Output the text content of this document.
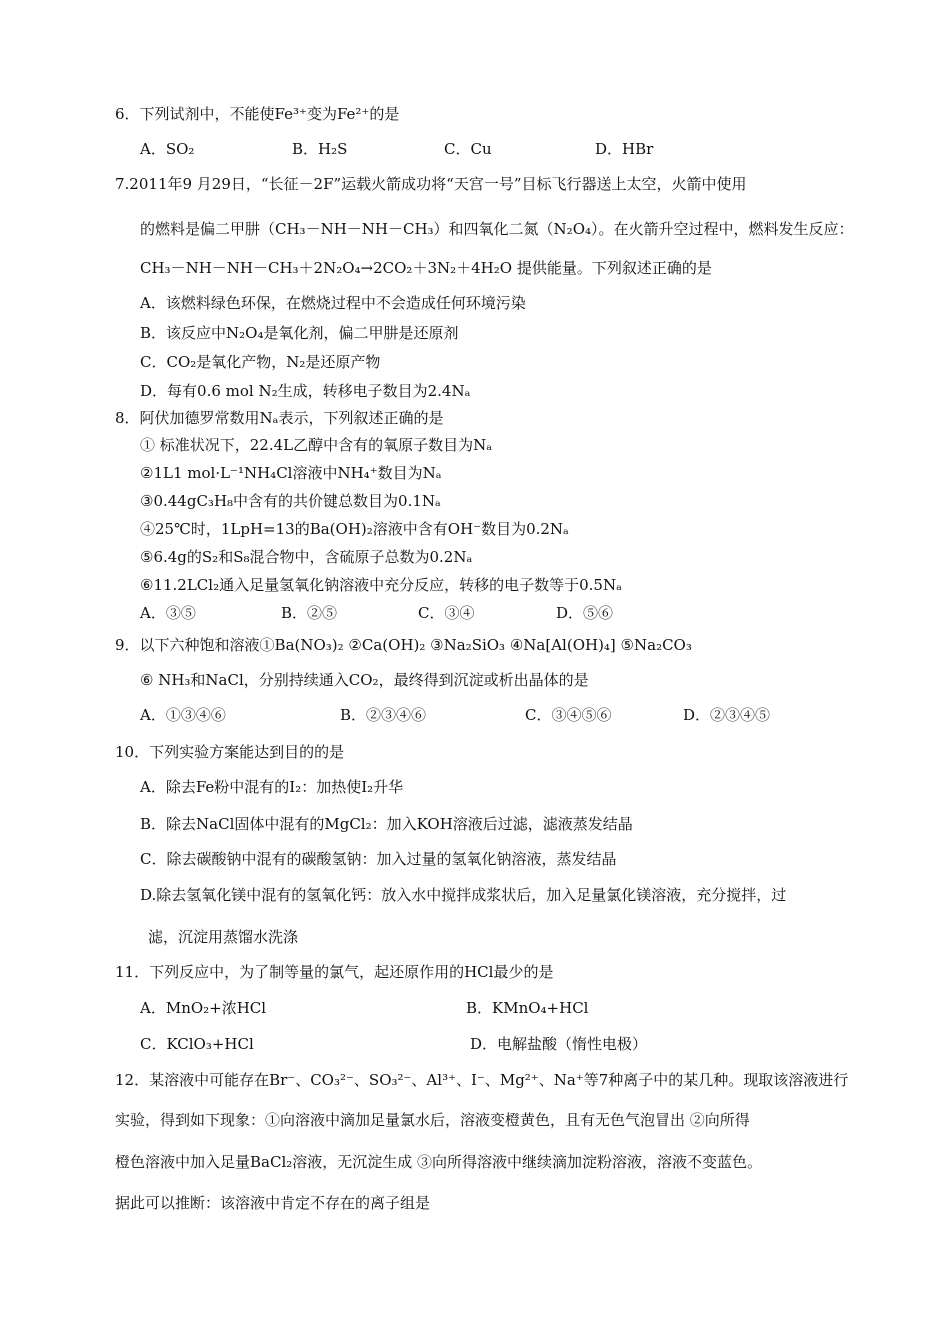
6．下列试剂中，不能使Fe³⁺变为Fe²⁺的是
A．SO₂	B．H₂S	C．Cu	D．HBr
7.2011年9 月29日，“长征－2F”运载火箭成功将“天宫一号”目标飞行器送上太空，火箭中使用
的燃料是偏二甲肼（CH₃－NH－NH－CH₃）和四氧化二氮（N₂O₄）。在火箭升空过程中，燃料发生反应：
CH₃－NH－NH－CH₃＋2N₂O₄→2CO₂＋3N₂＋4H₂O 提供能量。下列叙述正确的是
A．该燃料绿色环保，在燃烧过程中不会造成任何环境污染
B．该反应中N₂O₄是氧化剂，偏二甲肼是还原剂
C．CO₂是氧化产物，N₂是还原产物
D．每有0.6 mol N₂生成，转移电子数目为2.4Nₐ
8．阿伏加德罗常数用Nₐ表示，下列叙述正确的是
① 标准状况下，22.4L乙醇中含有的氧原子数目为Nₐ
②1L1 mol·L⁻¹NH₄Cl溶液中NH₄⁺数目为Nₐ
③0.44gC₃H₈中含有的共价键总数目为0.1Nₐ
④25℃时，1LpH=13的Ba(OH)₂溶液中含有OH⁻数目为0.2Nₐ
⑤6.4g的S₂和S₈混合物中，含硫原子总数为0.2Nₐ
⑥11.2LCl₂通入足量氢氧化钠溶液中充分反应，转移的电子数等于0.5Nₐ
A．③⑤	B．②⑤	C．③④	D．⑤⑥
9．以下六种饱和溶液①Ba(NO₃)₂ ②Ca(OH)₂ ③Na₂SiO₃ ④Na[Al(OH)₄] ⑤Na₂CO₃
⑥ NH₃和NaCl，分别持续通入CO₂，最终得到沉淀或析出晶体的是
A．①③④⑥	B．②③④⑥	C．③④⑤⑥	D．②③④⑤
10．下列实验方案能达到目的的是
A．除去Fe粉中混有的I₂：加热使I₂升华
B．除去NaCl固体中混有的MgCl₂：加入KOH溶液后过滤，滤液蒸发结晶
C．除去碳酸钠中混有的碳酸氢钠：加入过量的氢氧化钠溶液，蒸发结晶
D.除去氢氧化镁中混有的氢氧化钙：放入水中搅拌成浆状后，加入足量氯化镁溶液，充分搅拌，过
滤，沉淀用蒸馏水洗涤
11．下列反应中，为了制等量的氯气，起还原作用的HCl最少的是
A．MnO₂+浓HCl	B．KMnO₄+HCl
C．KClO₃+HCl	D．电解盐酸（惰性电极）
12．某溶液中可能存在Br⁻、CO₃²⁻、SO₃²⁻、Al³⁺、I⁻、Mg²⁺、Na⁺等7种离子中的某几种。现取该溶液进行
实验，得到如下现象：①向溶液中滴加足量氯水后，溶液变橙黄色，且有无色气泡冒出 ②向所得
橙色溶液中加入足量BaCl₂溶液，无沉淀生成 ③向所得溶液中继续滴加淀粉溶液，溶液不变蓝色。
据此可以推断：该溶液中肯定不存在的离子组是
